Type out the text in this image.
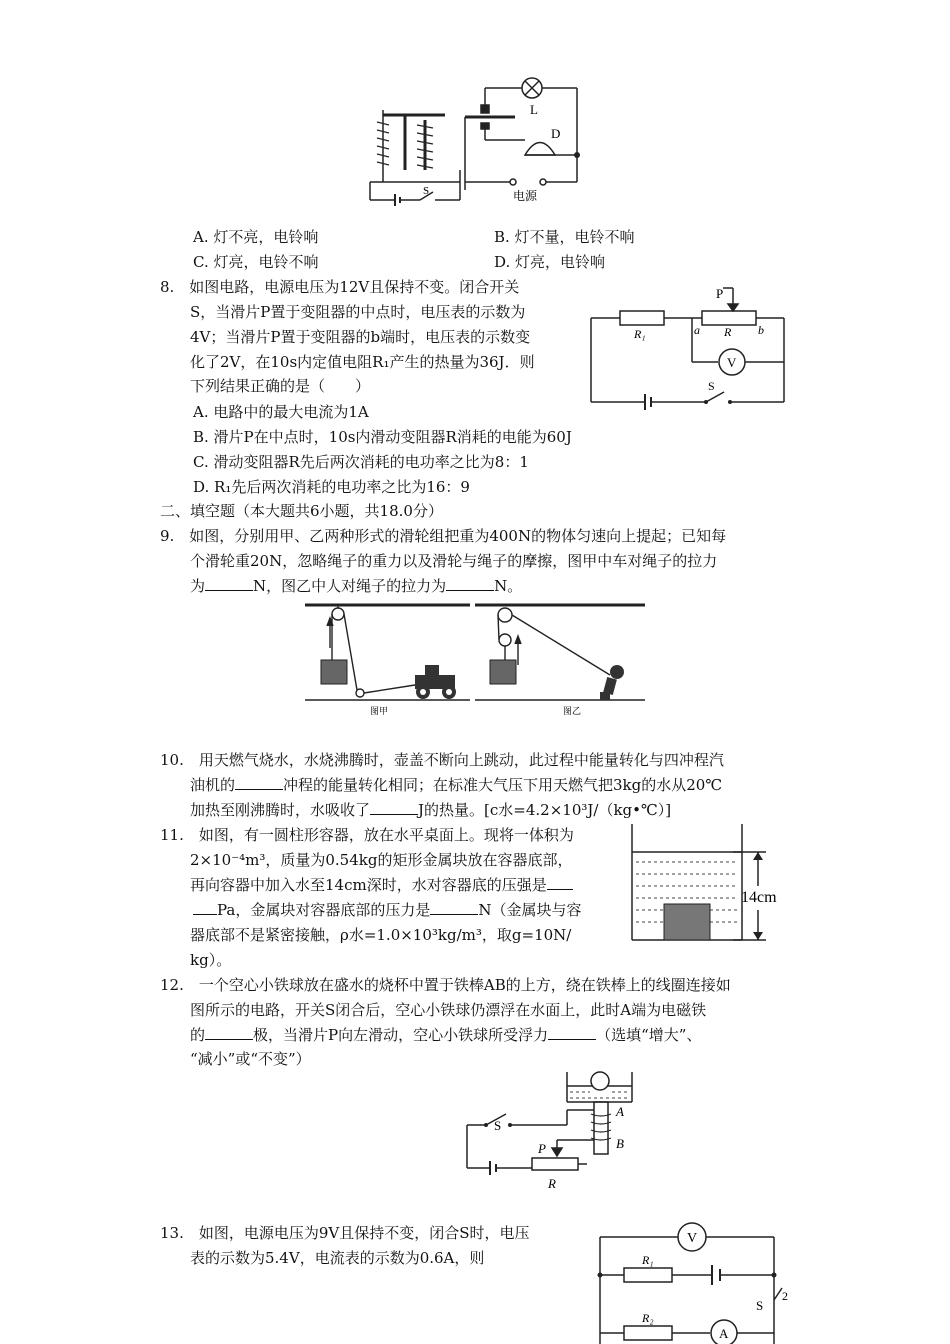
L
D
S	电源
A. 灯不亮，电铃响	B. 灯不量，电铃不响
C. 灯亮，电铃不响	D. 灯亮，电铃响
8.　如图电路，电源电压为12V且保持不变。闭合开关
　　S，当滑片P置于变阻器的中点时，电压表的示数为
　　4V；当滑片P置于变阻器的b端时，电压表的示数变
　　化了2V，在10s内定值电阻R₁产生的热量为36J．则
　　下列结果正确的是（　　）
A. 电路中的最大电流为1A
B. 滑片P在中点时，10s内滑动变阻器R消耗的电能为60J
C. 滑动变阻器R先后两次消耗的电功率之比为8：1
D. R₁先后两次消耗的电功率之比为16：9
P
R₁	a R b
V
S
二、填空题（本大题共6小题，共18.0分）
9.　如图，分别用甲、乙两种形式的滑轮组把重为400N的物体匀速向上提起；已知每
　　个滑轮重20N，忽略绳子的重力以及滑轮与绳子的摩擦，图甲中车对绳子的拉力
　　为	N，图乙中人对绳子的拉力为	N。
图甲	图乙
10.　用天燃气烧水，水烧沸腾时，壶盖不断向上跳动，此过程中能量转化与四冲程汽
　　油机的	冲程的能量转化相同；在标准大气压下用天燃气把3kg的水从20℃
　　加热至刚沸腾时，水吸收了	J的热量。[c水=4.2×10³J/（kg•℃）]
11.　如图，有一圆柱形容器，放在水平桌面上。现将一体积为
　　2×10⁻⁴m³，质量为0.54kg的矩形金属块放在容器底部，
　　再向容器中加入水至14cm深时，水对容器底的压强是
Pa，金属块对容器底部的压力是	N（金属块与容
　　器底部不是紧密接触，ρ水=1.0×10³kg/m³，取g=10N/
　　kg）。
14cm
12.　一个空心小铁球放在盛水的烧杯中置于铁棒AB的上方，绕在铁棒上的线圈连接如
　　图所示的电路，开关S闭合后，空心小铁球仍漂浮在水面上，此时A端为电磁铁
　　的	极，当滑片P向左滑动，空心小铁球所受浮力	（选填“增大”、
　　“减小”或“不变”）
S
A
B
P
R
13.　如图，电源电压为9V且保持不变，闭合S时，电压
　　表的示数为5.4V，电流表的示数为0.6A，则
V
R₁
R₂
A
S
2
